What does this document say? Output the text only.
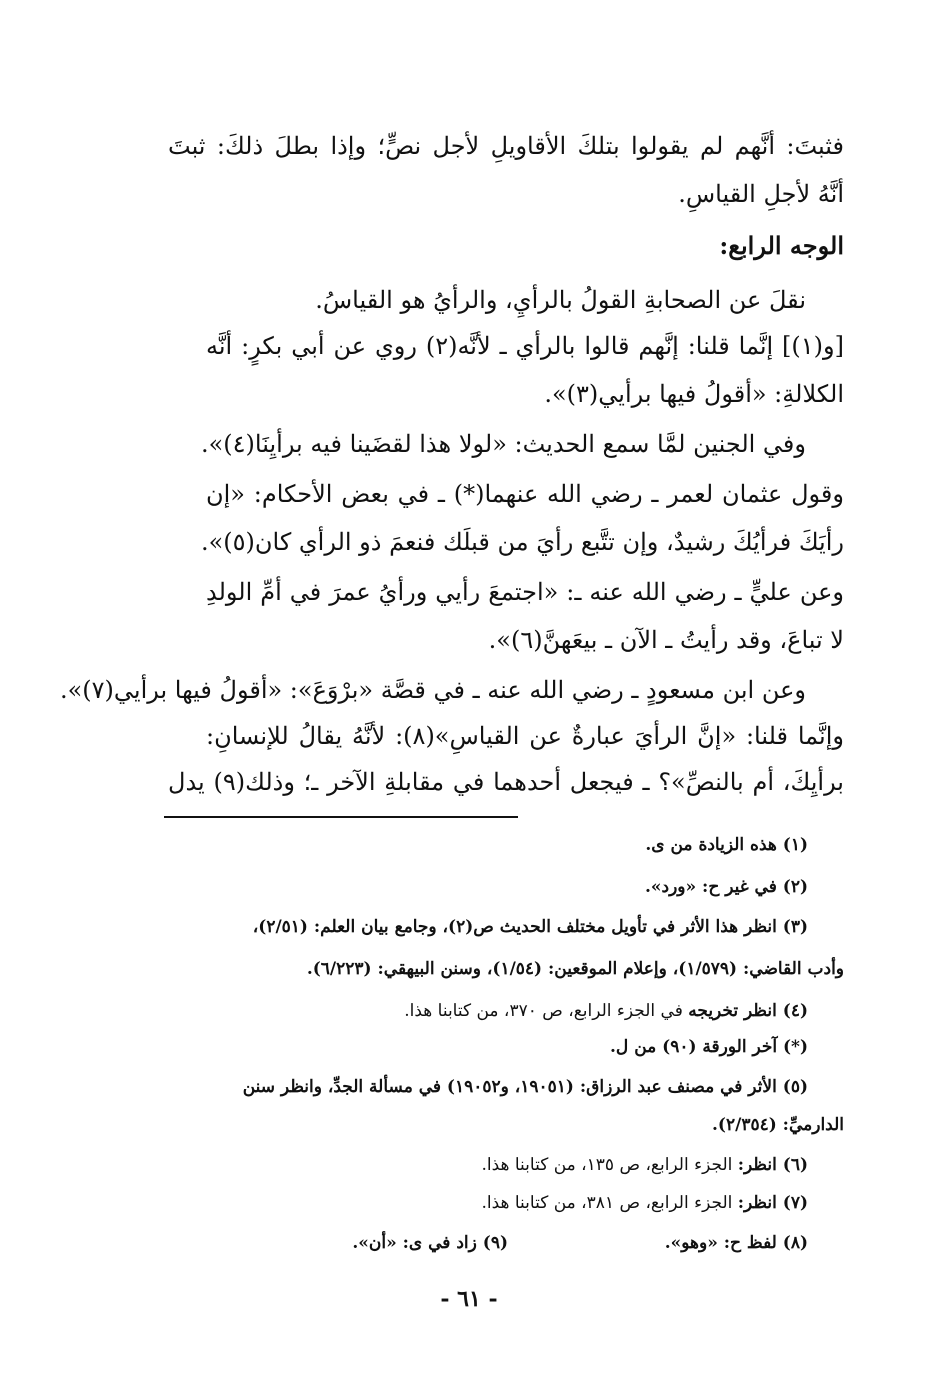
فثبتَ: أنَّهم لم يقولوا بتلكَ الأقاويلِ لأجل نصٍّ؛ وإذا بطلَ ذلكَ: ثبتَ
أنَّهُ لأجلِ القياسِ.
الوجه الرابع:
نقلَ عن الصحابةِ القولُ بالرأيِ، والرأيُ هو القياسُ.
[و(١)] إنَّما قلنا: إنَّهم قالوا بالرأي ـ لأنَّه(٢) روي عن أبي بكرٍ: أنَّه
الكلالةِ: «أقولُ فيها برأيي(٣)».
وفي الجنين لمَّا سمع الحديث: «لولا هذا لقضَينا فيه برأيِنَا(٤)».
وقول عثمان لعمر ـ رضي الله عنهما(*) ـ في بعض الأحكام: «إن
رأيَكَ فرأيُكَ رشيدٌ، وإن تتَّبع رأيَ من قبلَك فنعمَ ذو الرأي كان(٥)».
وعن عليٍّ ـ رضي الله عنه ـ: «اجتمعَ رأيي ورأيُ عمرَ في أمِّ الولدِ
لا تباعَ، وقد رأيتُ ـ الآن ـ بيعَهنَّ(٦)».
وعن ابن مسعودٍ ـ رضي الله عنه ـ في قصَّة «برْوَعَ»: «أقولُ فيها برأيي(٧)».
وإنَّما قلنا: «إنَّ الرأيَ عبارةٌ عن القياسِ»(٨): لأنَّهُ يقالُ للإنسانِ:
برأيِكَ، أم بالنصِّ»؟ ـ فيجعل أحدهما في مقابلةِ الآخر ـ؛ وذلك(٩) يدل
(١) هذه الزيادة من ى.
(٢) في غير ح: «ورد».
(٣) انظر هذا الأثر في تأويل مختلف الحديث ص(٢)، وجامع بيان العلم: (٢/٥١)،
وأدب القاضي: (١/٥٧٩)، وإعلام الموقعين: (١/٥٤)، وسنن البيهقي: (٦/٢٢٣).
(٤) انظر تخريجه في الجزء الرابع، ص ٣٧٠، من كتابنا هذا.
(*) آخر الورقة (٩٠) من ل.
(٥) الأثر في مصنف عبد الرزاق: (١٩٠٥١، و١٩٠٥٢) في مسألة الجدِّ، وانظر سنن
الدارميِّ: (٢/٣٥٤).
(٦) انظر: الجزء الرابع، ص ١٣٥، من كتابنا هذا.
(٧) انظر: الجزء الرابع، ص ٣٨١، من كتابنا هذا.
(٨) لفظ ح: «وهو».
(٩) زاد في ى: «أن».
- ٦١ -
